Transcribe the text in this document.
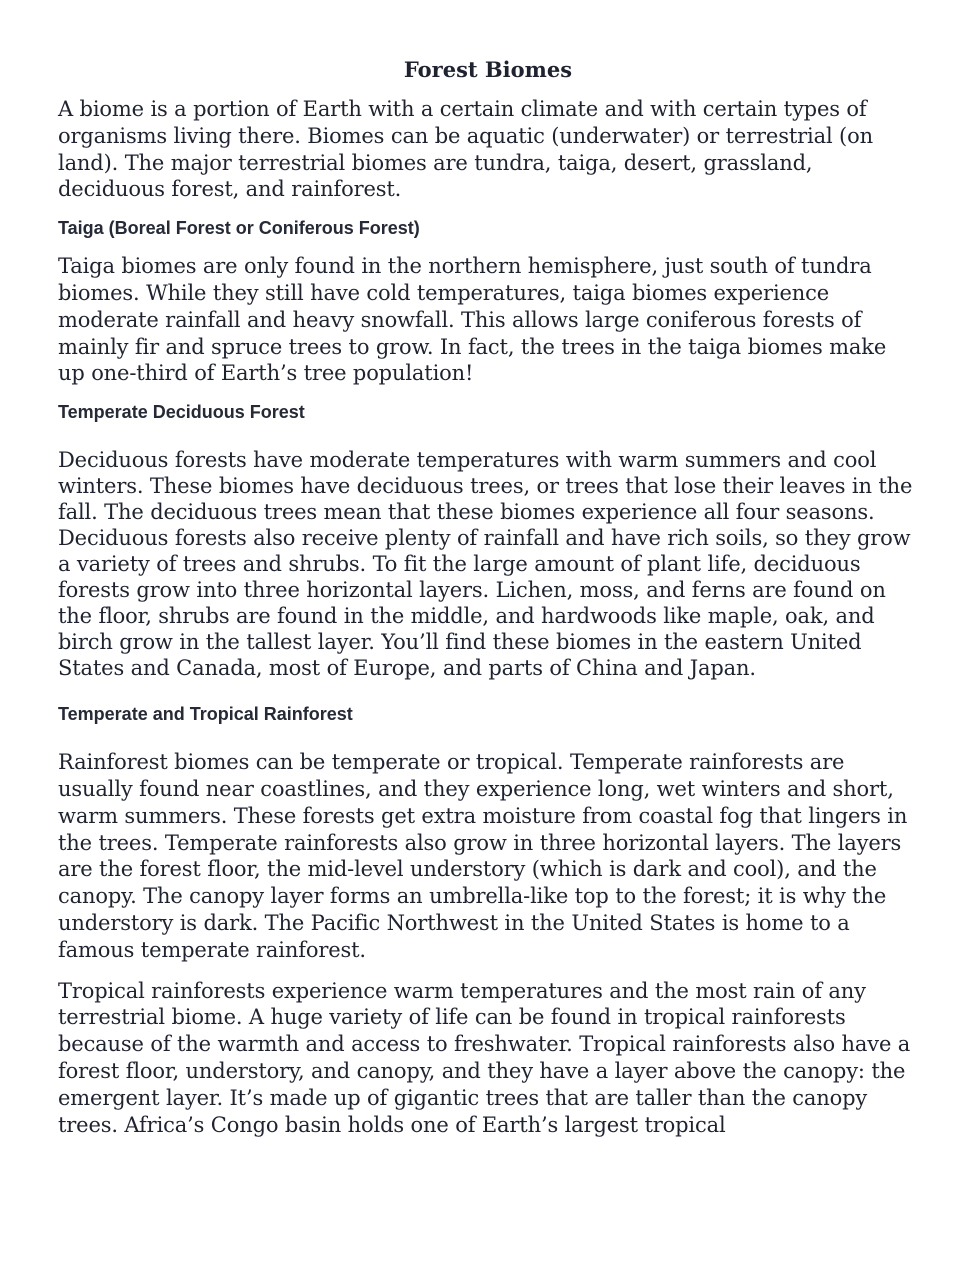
Forest Biomes

A biome is a portion of Earth with a certain climate and with certain types of organisms living there. Biomes can be aquatic (underwater) or terrestrial (on land). The major terrestrial biomes are tundra, taiga, desert, grassland, deciduous forest, and rainforest.

Taiga (Boreal Forest or Coniferous Forest)

Taiga biomes are only found in the northern hemisphere, just south of tundra biomes. While they still have cold temperatures, taiga biomes experience moderate rainfall and heavy snowfall. This allows large coniferous forests of mainly fir and spruce trees to grow. In fact, the trees in the taiga biomes make up one-third of Earth’s tree population!

Temperate Deciduous Forest

Deciduous forests have moderate temperatures with warm summers and cool winters. These biomes have deciduous trees, or trees that lose their leaves in the fall. The deciduous trees mean that these biomes experience all four seasons. Deciduous forests also receive plenty of rainfall and have rich soils, so they grow a variety of trees and shrubs. To fit the large amount of plant life, deciduous forests grow into three horizontal layers. Lichen, moss, and ferns are found on the floor, shrubs are found in the middle, and hardwoods like maple, oak, and birch grow in the tallest layer. You’ll find these biomes in the eastern United States and Canada, most of Europe, and parts of China and Japan.

Temperate and Tropical Rainforest

Rainforest biomes can be temperate or tropical. Temperate rainforests are usually found near coastlines, and they experience long, wet winters and short, warm summers. These forests get extra moisture from coastal fog that lingers in the trees. Temperate rainforests also grow in three horizontal layers. The layers are the forest floor, the mid-level understory (which is dark and cool), and the canopy. The canopy layer forms an umbrella-like top to the forest; it is why the understory is dark. The Pacific Northwest in the United States is home to a famous temperate rainforest.

Tropical rainforests experience warm temperatures and the most rain of any terrestrial biome. A huge variety of life can be found in tropical rainforests because of the warmth and access to freshwater. Tropical rainforests also have a forest floor, understory, and canopy, and they have a layer above the canopy: the emergent layer. It’s made up of gigantic trees that are taller than the canopy trees. Africa’s Congo basin holds one of Earth’s largest tropical
